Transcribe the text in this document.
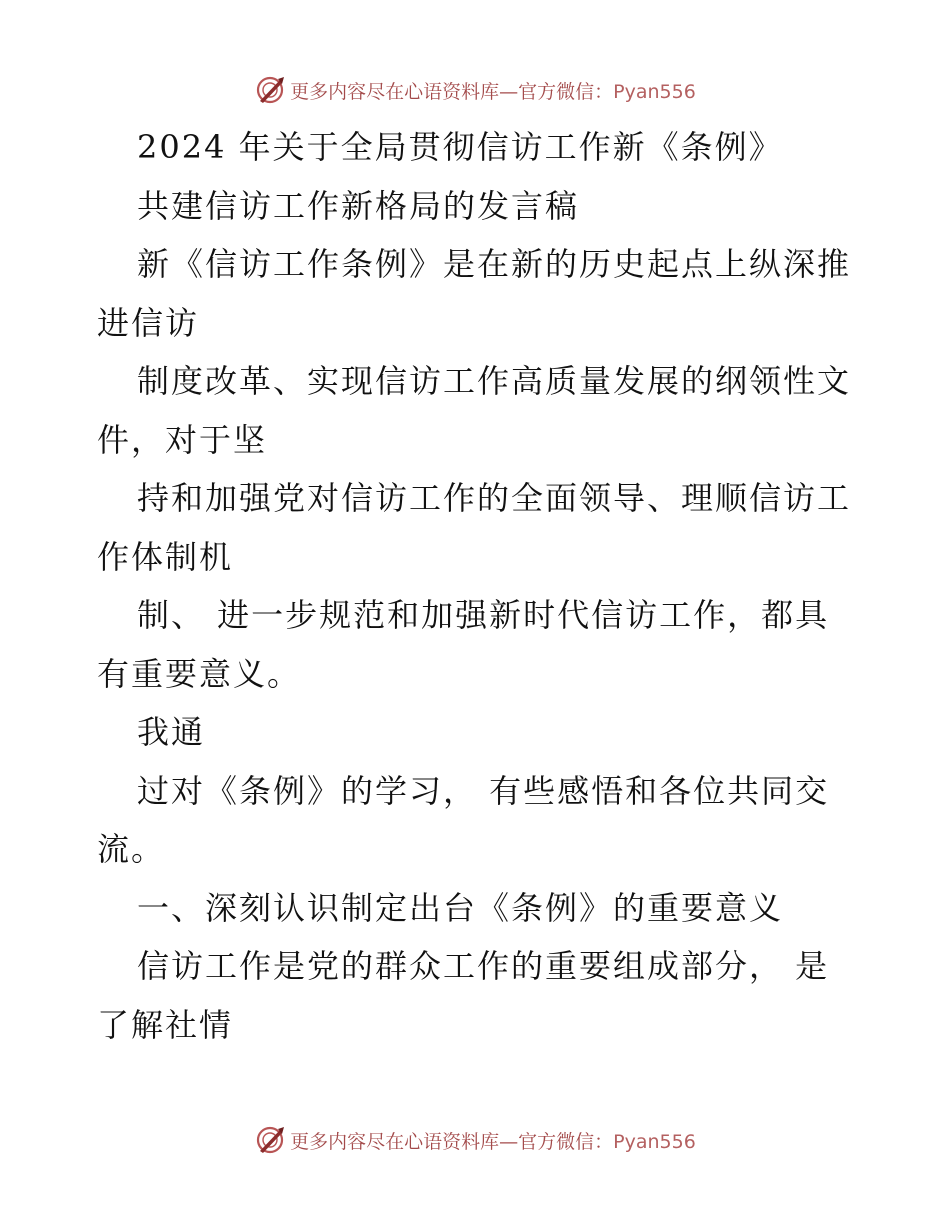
更多内容尽在心语资料库—官方微信：Pyan556
2024 年关于全局贯彻信访工作新《条例》
共建信访工作新格局的发言稿
新《信访工作条例》是在新的历史起点上纵深推
进信访
制度改革、实现信访工作高质量发展的纲领性文
件，对于坚
持和加强党对信访工作的全面领导、理顺信访工
作体制机
制、 进一步规范和加强新时代信访工作，都具
有重要意义。
我通
过对《条例》的学习， 有些感悟和各位共同交
流。
一、深刻认识制定出台《条例》的重要意义
信访工作是党的群众工作的重要组成部分， 是
了解社情
更多内容尽在心语资料库—官方微信：Pyan556
